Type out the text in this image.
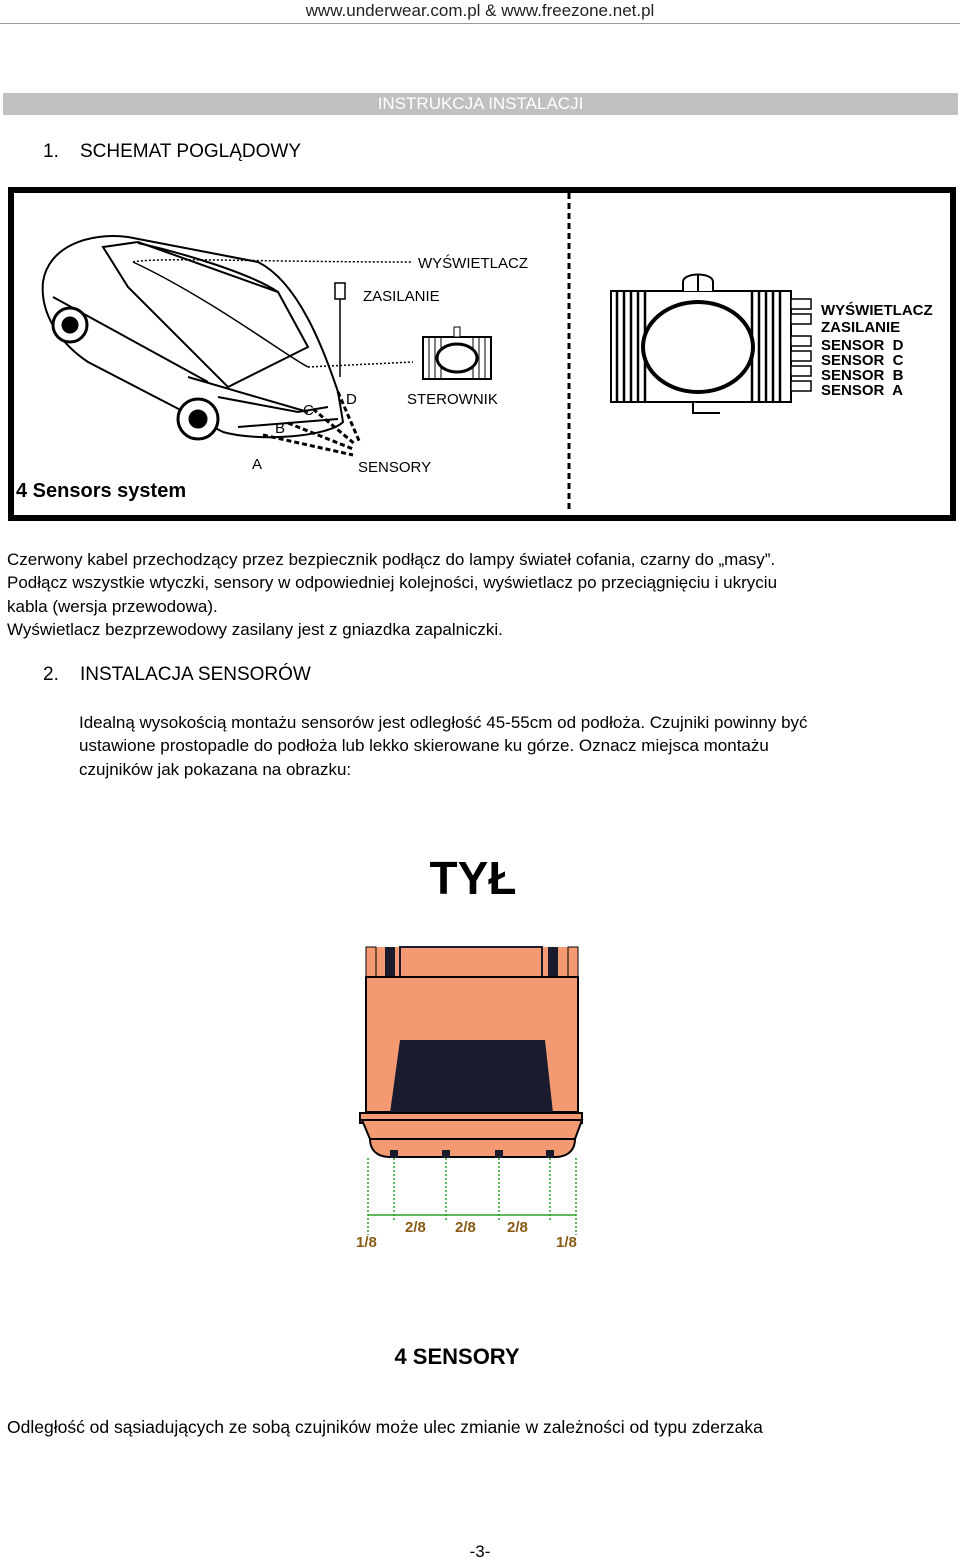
www.underwear.com.pl & www.freezone.net.pl
INSTRUKCJA INSTALACJI
1. SCHEMAT POGLĄDOWY
WYŚWIETLACZ
ZASILANIE
STEROWNIK
SENSORY
A
B
C
D
4 Sensors system
WYŚWIETLACZ
ZASILANIE
SENSOR  D
SENSOR  C
SENSOR  B
SENSOR  A
Czerwony kabel przechodzący przez bezpiecznik podłącz do lampy świateł cofania, czarny do „masy”.
Podłącz wszystkie wtyczki, sensory w odpowiedniej kolejności, wyświetlacz po przeciągnięciu i ukryciu
kabla (wersja przewodowa).
Wyświetlacz bezprzewodowy zasilany jest z gniazdka zapalniczki.
2. INSTALACJA SENSORÓW
Idealną wysokością montażu sensorów jest odległość 45-55cm od podłoża. Czujniki powinny być
ustawione prostopadle do podłoża lub lekko skierowane ku górze. Oznacz miejsca montażu
czujników jak pokazana na obrazku:
TYŁ
1/8
2/8 2/8 2/8
1/8
4 SENSORY
Odległość od sąsiadujących ze sobą czujników może ulec zmianie w zależności od typu zderzaka
-3-
